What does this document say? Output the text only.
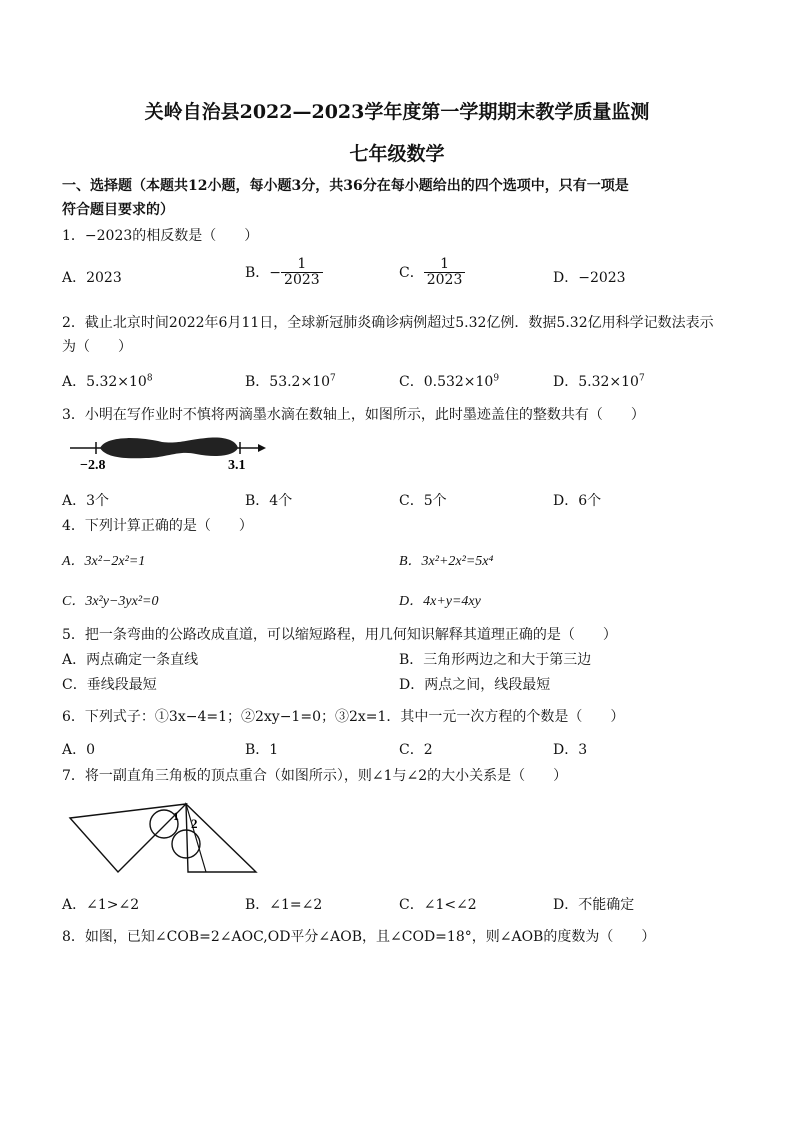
关岭自治县2022—2023学年度第一学期期末教学质量监测
七年级数学
一、选择题（本题共12小题，每小题3分，共36分在每小题给出的四个选项中，只有一项是
符合题目要求的）
1．−2023的相反数是（　　）
A．2023	B．− $\frac{1}{2023}$	C． $\frac{1}{2023}$	D．−2023
2．截止北京时间2022年6月11日，全球新冠肺炎确诊病例超过5.32亿例．数据5.32亿用科学记数法表示
为（　　）
A．$5.32\times 10^8$	B．$53.2\times 10^7$	C．$0.532\times 10^9$	D．$5.32\times 10^7$
3．小明在写作业时不慎将两滴墨水滴在数轴上，如图所示，此时墨迹盖住的整数共有（　　）
−2.8	3.1
A．3个	B．4个	C．5个	D．6个
4．下列计算正确的是（　　）
A．3x²−2x²=1	B．3x²+2x²=5x⁴
C．3x²y−3yx²=0	D．4x+y=4xy
5．把一条弯曲的公路改成直道，可以缩短路程，用几何知识解释其道理正确的是（　　）
A．两点确定一条直线	B．三角形两边之和大于第三边
C．垂线段最短	D．两点之间，线段最短
6．下列式子：①3x−4=1；②2xy−1=0；③2x=1．其中一元一次方程的个数是（　　）
A．0	B．1	C．2	D．3
7．将一副直角三角板的顶点重合（如图所示），则∠1与∠2的大小关系是（　　）
1 2
A．∠1>∠2	B．∠1=∠2	C．∠1<∠2	D．不能确定
8．如图，已知∠COB=2∠AOC,OD平分∠AOB，且∠COD=18°，则∠AOB的度数为（　　）
